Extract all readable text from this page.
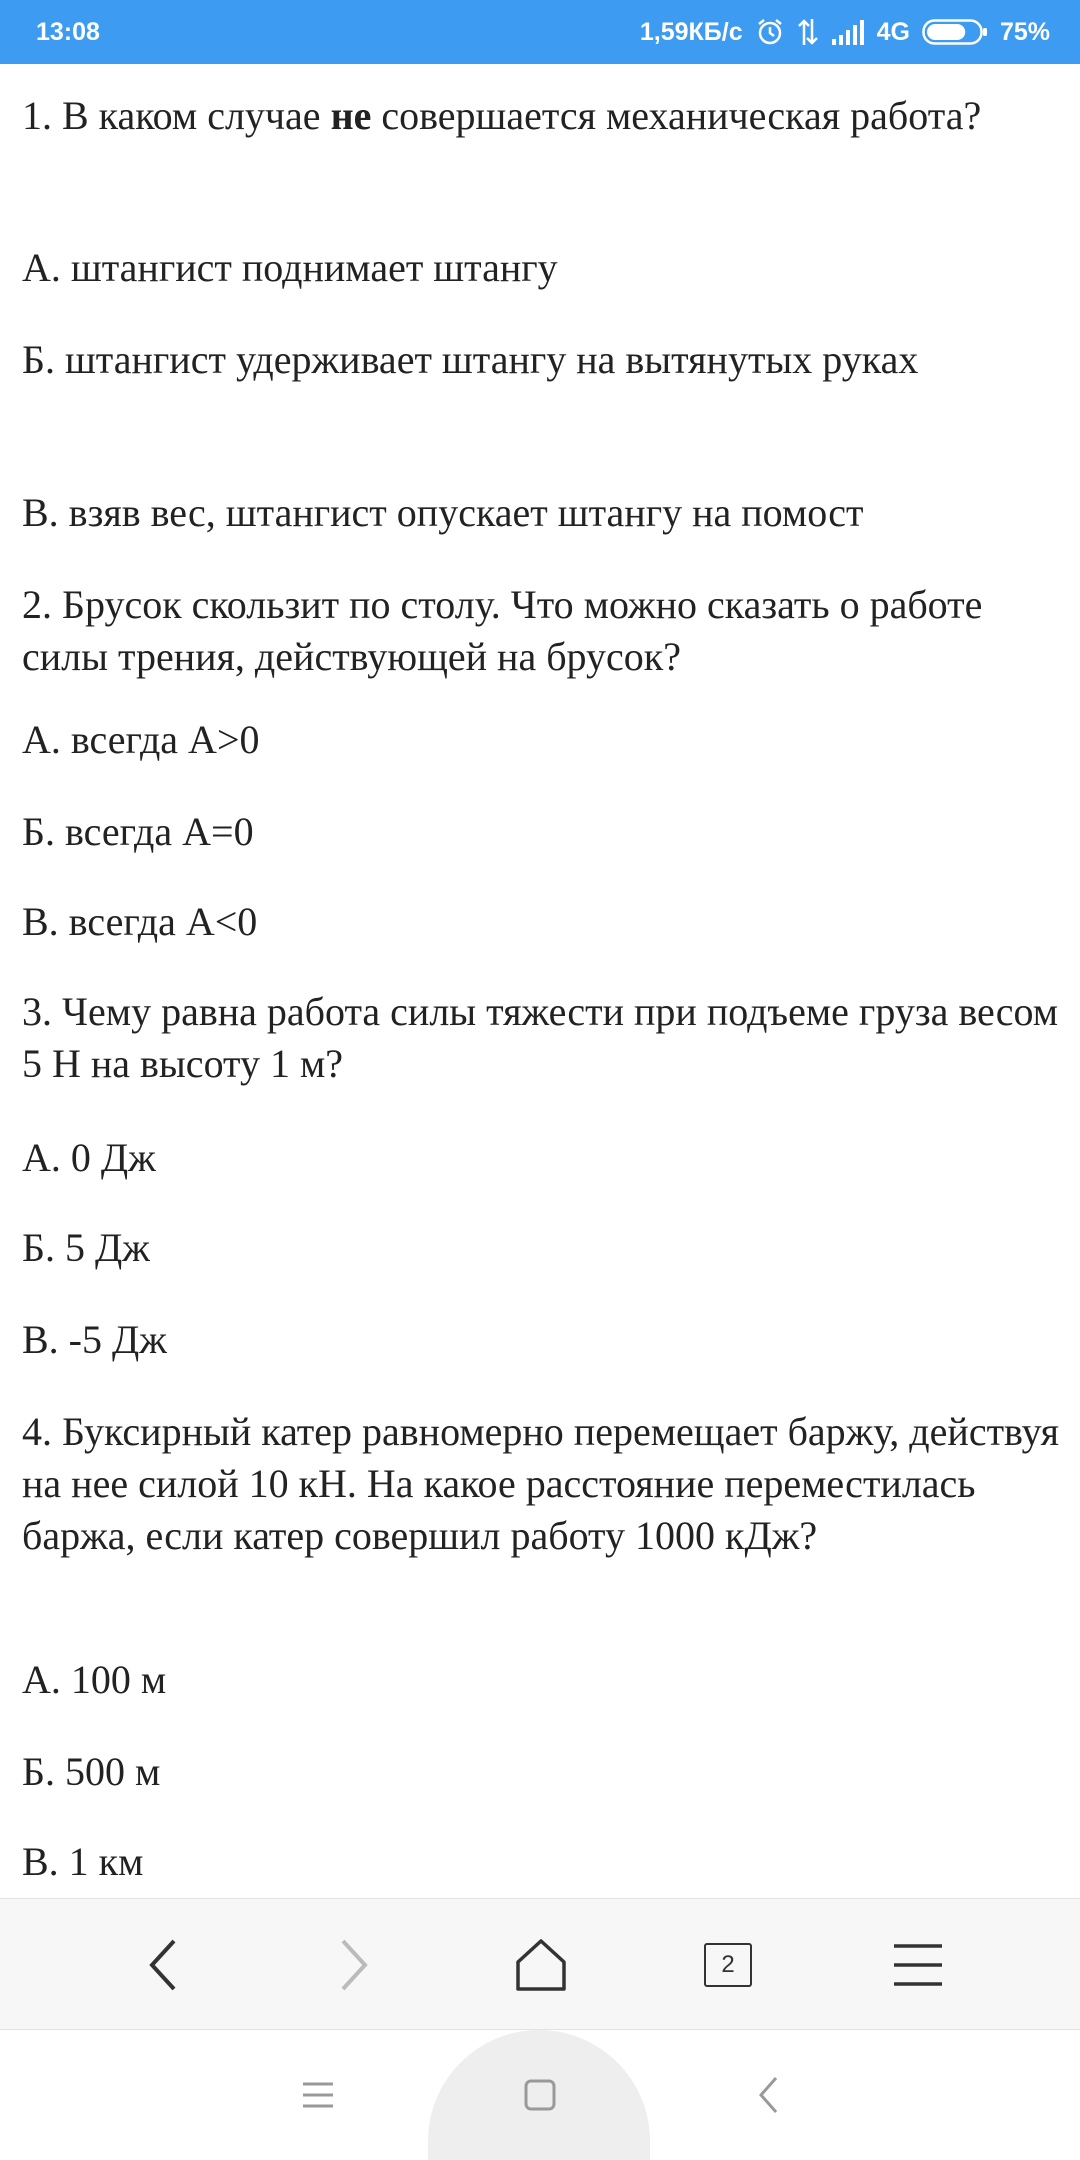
13:08	1,59КБ/с	4G	75%

1. В каком случае не совершается механическая работа?

А. штангист поднимает штангу

Б. штангист удерживает штангу на вытянутых руках

В. взяв вес, штангист опускает штангу на помост

2. Брусок скользит по столу. Что можно сказать о работе силы трения, действующей на брусок?

А. всегда А>0

Б. всегда А=0

В. всегда А<0

3. Чему равна работа силы тяжести при подъеме груза весом 5 Н на высоту 1 м?

А. 0 Дж

Б. 5 Дж

В. -5 Дж

4. Буксирный катер равномерно перемещает баржу, действуя на нее силой 10 кН. На какое расстояние переместилась баржа, если катер совершил работу 1000 кДж?

А. 100 м

Б. 500 м

В. 1 км

2
